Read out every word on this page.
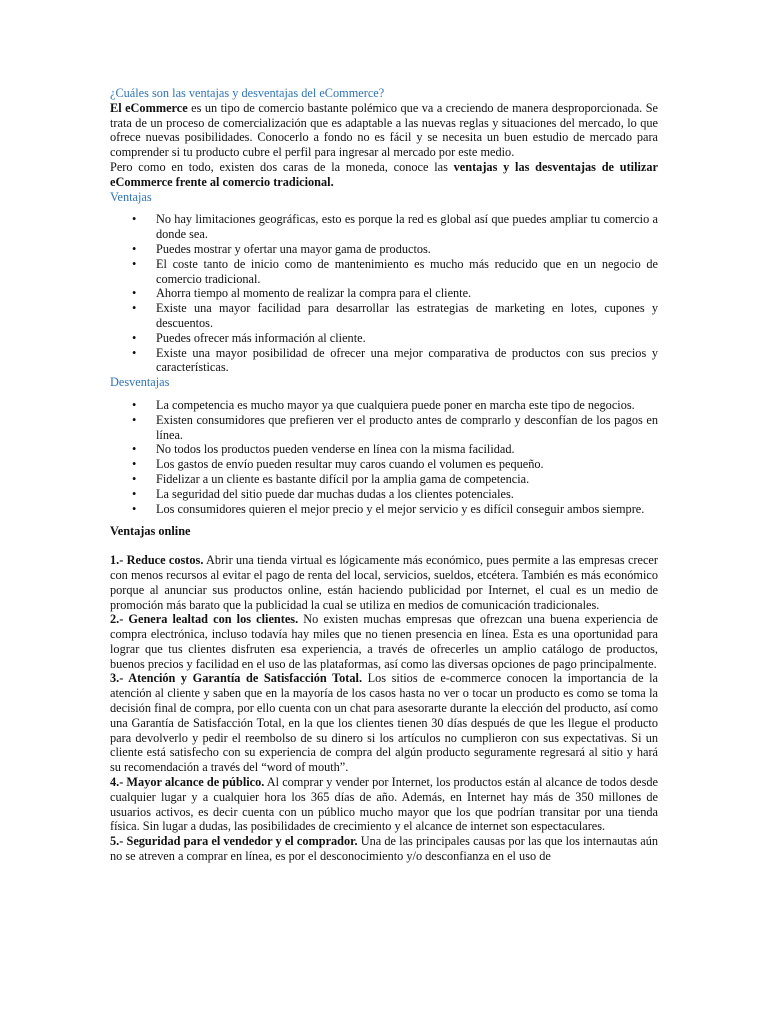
¿Cuáles son las ventajas y desventajas del eCommerce?

El eCommerce es un tipo de comercio bastante polémico que va a creciendo de manera desproporcionada. Se trata de un proceso de comercialización que es adaptable a las nuevas reglas y situaciones del mercado, lo que ofrece nuevas posibilidades. Conocerlo a fondo no es fácil y se necesita un buen estudio de mercado para comprender si tu producto cubre el perfil para ingresar al mercado por este medio.

Pero como en todo, existen dos caras de la moneda, conoce las ventajas y las desventajas de utilizar eCommerce frente al comercio tradicional.

Ventajas

• No hay limitaciones geográficas, esto es porque la red es global así que puedes ampliar tu comercio a donde sea.
• Puedes mostrar y ofertar una mayor gama de productos.
• El coste tanto de inicio como de mantenimiento es mucho más reducido que en un negocio de comercio tradicional.
• Ahorra tiempo al momento de realizar la compra para el cliente.
• Existe una mayor facilidad para desarrollar las estrategias de marketing en lotes, cupones y descuentos.
• Puedes ofrecer más información al cliente.
• Existe una mayor posibilidad de ofrecer una mejor comparativa de productos con sus precios y características.

Desventajas

• La competencia es mucho mayor ya que cualquiera puede poner en marcha este tipo de negocios.
• Existen consumidores que prefieren ver el producto antes de comprarlo y desconfían de los pagos en línea.
• No todos los productos pueden venderse en línea con la misma facilidad.
• Los gastos de envío pueden resultar muy caros cuando el volumen es pequeño.
• Fidelizar a un cliente es bastante difícil por la amplia gama de competencia.
• La seguridad del sitio puede dar muchas dudas a los clientes potenciales.
• Los consumidores quieren el mejor precio y el mejor servicio y es difícil conseguir ambos siempre.

Ventajas online

1.- Reduce costos. Abrir una tienda virtual es lógicamente más económico, pues permite a las empresas crecer con menos recursos al evitar el pago de renta del local, servicios, sueldos, etcétera. También es más económico porque al anunciar sus productos online, están haciendo publicidad por Internet, el cual es un medio de promoción más barato que la publicidad la cual se utiliza en medios de comunicación tradicionales.

2.- Genera lealtad con los clientes. No existen muchas empresas que ofrezcan una buena experiencia de compra electrónica, incluso todavía hay miles que no tienen presencia en línea. Esta es una oportunidad para lograr que tus clientes disfruten esa experiencia, a través de ofrecerles un amplio catálogo de productos, buenos precios y facilidad en el uso de las plataformas, así como las diversas opciones de pago principalmente.

3.- Atención y Garantía de Satisfacción Total. Los sitios de e-commerce conocen la importancia de la atención al cliente y saben que en la mayoría de los casos hasta no ver o tocar un producto es como se toma la decisión final de compra, por ello cuenta con un chat para asesorarte durante la elección del producto, así como una Garantía de Satisfacción Total, en la que los clientes tienen 30 días después de que les llegue el producto para devolverlo y pedir el reembolso de su dinero si los artículos no cumplieron con sus expectativas. Si un cliente está satisfecho con su experiencia de compra del algún producto seguramente regresará al sitio y hará su recomendación a través del “word of mouth”.

4.- Mayor alcance de público. Al comprar y vender por Internet, los productos están al alcance de todos desde cualquier lugar y a cualquier hora los 365 días de año. Además, en Internet hay más de 350 millones de usuarios activos, es decir cuenta con un público mucho mayor que los que podrían transitar por una tienda física. Sin lugar a dudas, las posibilidades de crecimiento y el alcance de internet son espectaculares.

5.- Seguridad para el vendedor y el comprador. Una de las principales causas por las que los internautas aún no se atreven a comprar en línea, es por el desconocimiento y/o desconfianza en el uso de
